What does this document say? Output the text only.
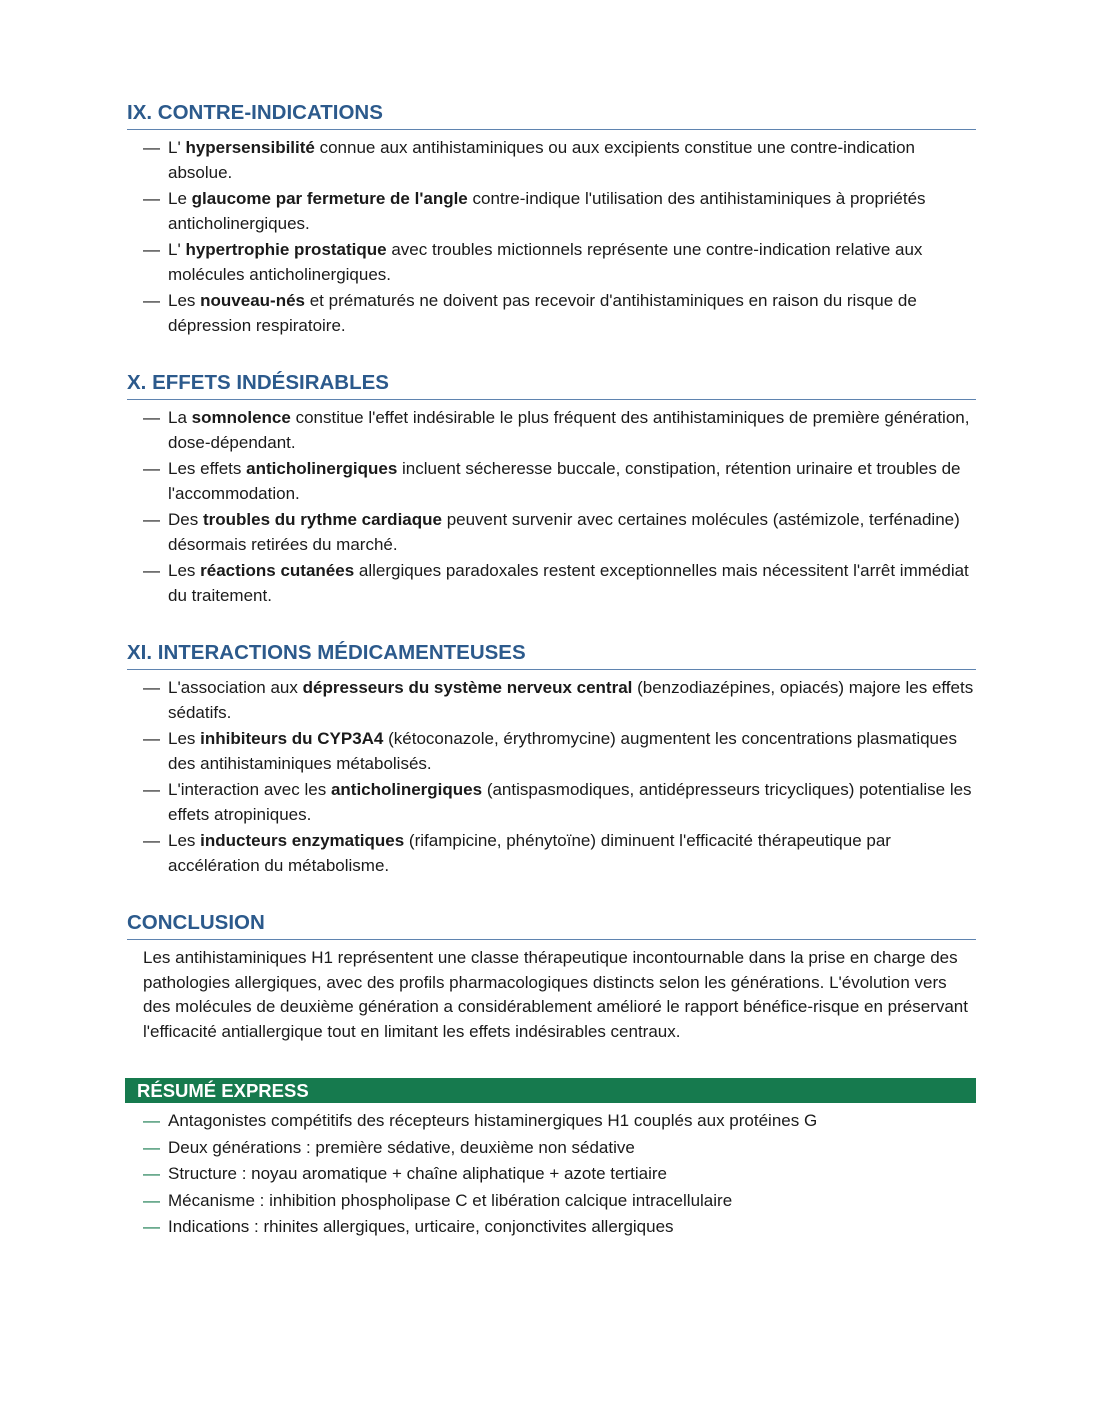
IX. CONTRE-INDICATIONS
— L' hypersensibilité connue aux antihistaminiques ou aux excipients constitue une contre-indication absolue.
— Le glaucome par fermeture de l'angle contre-indique l'utilisation des antihistaminiques à propriétés anticholinergiques.
— L' hypertrophie prostatique avec troubles mictionnels représente une contre-indication relative aux molécules anticholinergiques.
— Les nouveau-nés et prématurés ne doivent pas recevoir d'antihistaminiques en raison du risque de dépression respiratoire.
X. EFFETS INDÉSIRABLES
— La somnolence constitue l'effet indésirable le plus fréquent des antihistaminiques de première génération, dose-dépendant.
— Les effets anticholinergiques incluent sécheresse buccale, constipation, rétention urinaire et troubles de l'accommodation.
— Des troubles du rythme cardiaque peuvent survenir avec certaines molécules (astémizole, terfénadine) désormais retirées du marché.
— Les réactions cutanées allergiques paradoxales restent exceptionnelles mais nécessitent l'arrêt immédiat du traitement.
XI. INTERACTIONS MÉDICAMENTEUSES
— L'association aux dépresseurs du système nerveux central (benzodiazépines, opiacés) majore les effets sédatifs.
— Les inhibiteurs du CYP3A4 (kétoconazole, érythromycine) augmentent les concentrations plasmatiques des antihistaminiques métabolisés.
— L'interaction avec les anticholinergiques (antispasmodiques, antidépresseurs tricycliques) potentialise les effets atropiniques.
— Les inducteurs enzymatiques (rifampicine, phénytoïne) diminuent l'efficacité thérapeutique par accélération du métabolisme.
CONCLUSION

Les antihistaminiques H1 représentent une classe thérapeutique incontournable dans la prise en charge des pathologies allergiques, avec des profils pharmacologiques distincts selon les générations. L'évolution vers des molécules de deuxième génération a considérablement amélioré le rapport bénéfice-risque en préservant l'efficacité antiallergique tout en limitant les effets indésirables centraux.

RÉSUMÉ EXPRESS
— Antagonistes compétitifs des récepteurs histaminergiques H1 couplés aux protéines G
— Deux générations : première sédative, deuxième non sédative
— Structure : noyau aromatique + chaîne aliphatique + azote tertiaire
— Mécanisme : inhibition phospholipase C et libération calcique intracellulaire
— Indications : rhinites allergiques, urticaire, conjonctivites allergiques
